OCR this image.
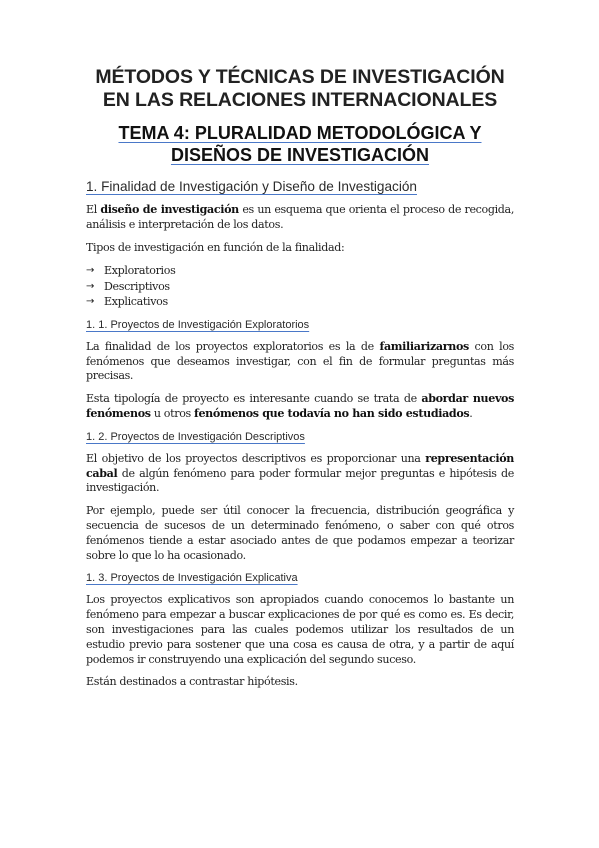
MÉTODOS Y TÉCNICAS DE INVESTIGACIÓN
EN LAS RELACIONES INTERNACIONALES
TEMA 4: PLURALIDAD METODOLÓGICA Y
DISEÑOS DE INVESTIGACIÓN
1. Finalidad de Investigación y Diseño de Investigación

El diseño de investigación es un esquema que orienta el proceso de recogida, análisis e interpretación de los datos.

Tipos de investigación en función de la finalidad:

→ Exploratorios
→ Descriptivos
→ Explicativos
1. 1. Proyectos de Investigación Exploratorios

La finalidad de los proyectos exploratorios es la de familiarizarnos con los fenómenos que deseamos investigar, con el fin de formular preguntas más precisas.

Esta tipología de proyecto es interesante cuando se trata de abordar nuevos fenómenos u otros fenómenos que todavía no han sido estudiados.

1. 2. Proyectos de Investigación Descriptivos

El objetivo de los proyectos descriptivos es proporcionar una representación cabal de algún fenómeno para poder formular mejor preguntas e hipótesis de investigación.

Por ejemplo, puede ser útil conocer la frecuencia, distribución geográfica y secuencia de sucesos de un determinado fenómeno, o saber con qué otros fenómenos tiende a estar asociado antes de que podamos empezar a teorizar sobre lo que lo ha ocasionado.

1. 3. Proyectos de Investigación Explicativa

Los proyectos explicativos son apropiados cuando conocemos lo bastante un fenómeno para empezar a buscar explicaciones de por qué es como es. Es decir, son investigaciones para las cuales podemos utilizar los resultados de un estudio previo para sostener que una cosa es causa de otra, y a partir de aquí podemos ir construyendo una explicación del segundo suceso.

Están destinados a contrastar hipótesis.
